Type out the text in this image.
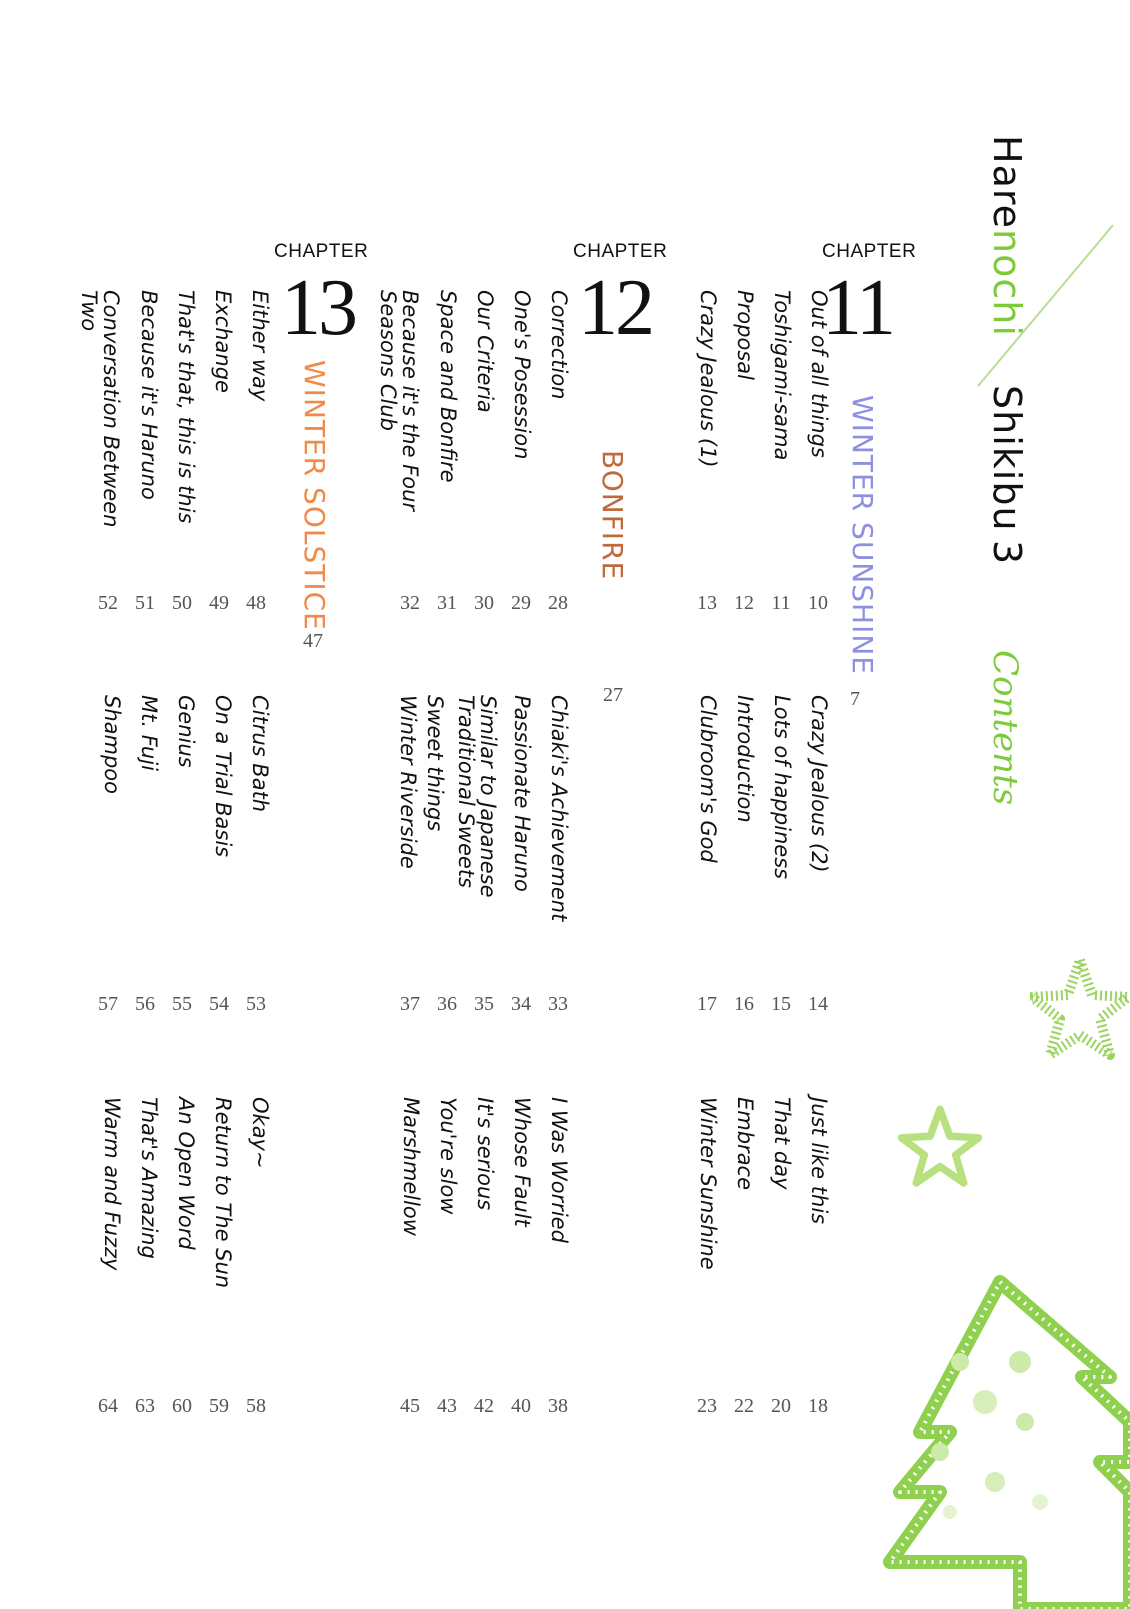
Harenochi
Shikibu
3
Contents
CHAPTER
11
WINTER SUNSHINE
7
Out of all things
Toshigami-sama
Proposal
Crazy Jealous (1)
10
11
12
13
Crazy Jealous (2)
Lots of happiness
Introduction
Clubroom's God
14
15
16
17
Just like this
That day
Embrace
Winter Sunshine
18
20
22
23
CHAPTER
12
BONFIRE
27
Correction
One's Posession
Our Criteria
Space and Bonfire
Because it's the Four Seasons Club
28
29
30
31
32
Chiaki's Achievement
Passionate Haruno
Similar to Japanese Traditional Sweets
Sweet things
Winter Riverside
33
34
35
36
37
I Was Worried
Whose Fault
It's serious
You're slow
Marshmellow
38
40
42
43
45
CHAPTER
13
WINTER SOLSTICE
47
Either way
Exchange
That's that, this is this
Because it's Haruno
Conversation Between Two
48
49
50
51
52
Citrus Bath
On a Trial Basis
Genius
Mt. Fuji
Shampoo
53
54
55
56
57
Okay~
Return to The Sun
An Open Word
That's Amazing
Warm and Fuzzy
58
59
60
63
64
